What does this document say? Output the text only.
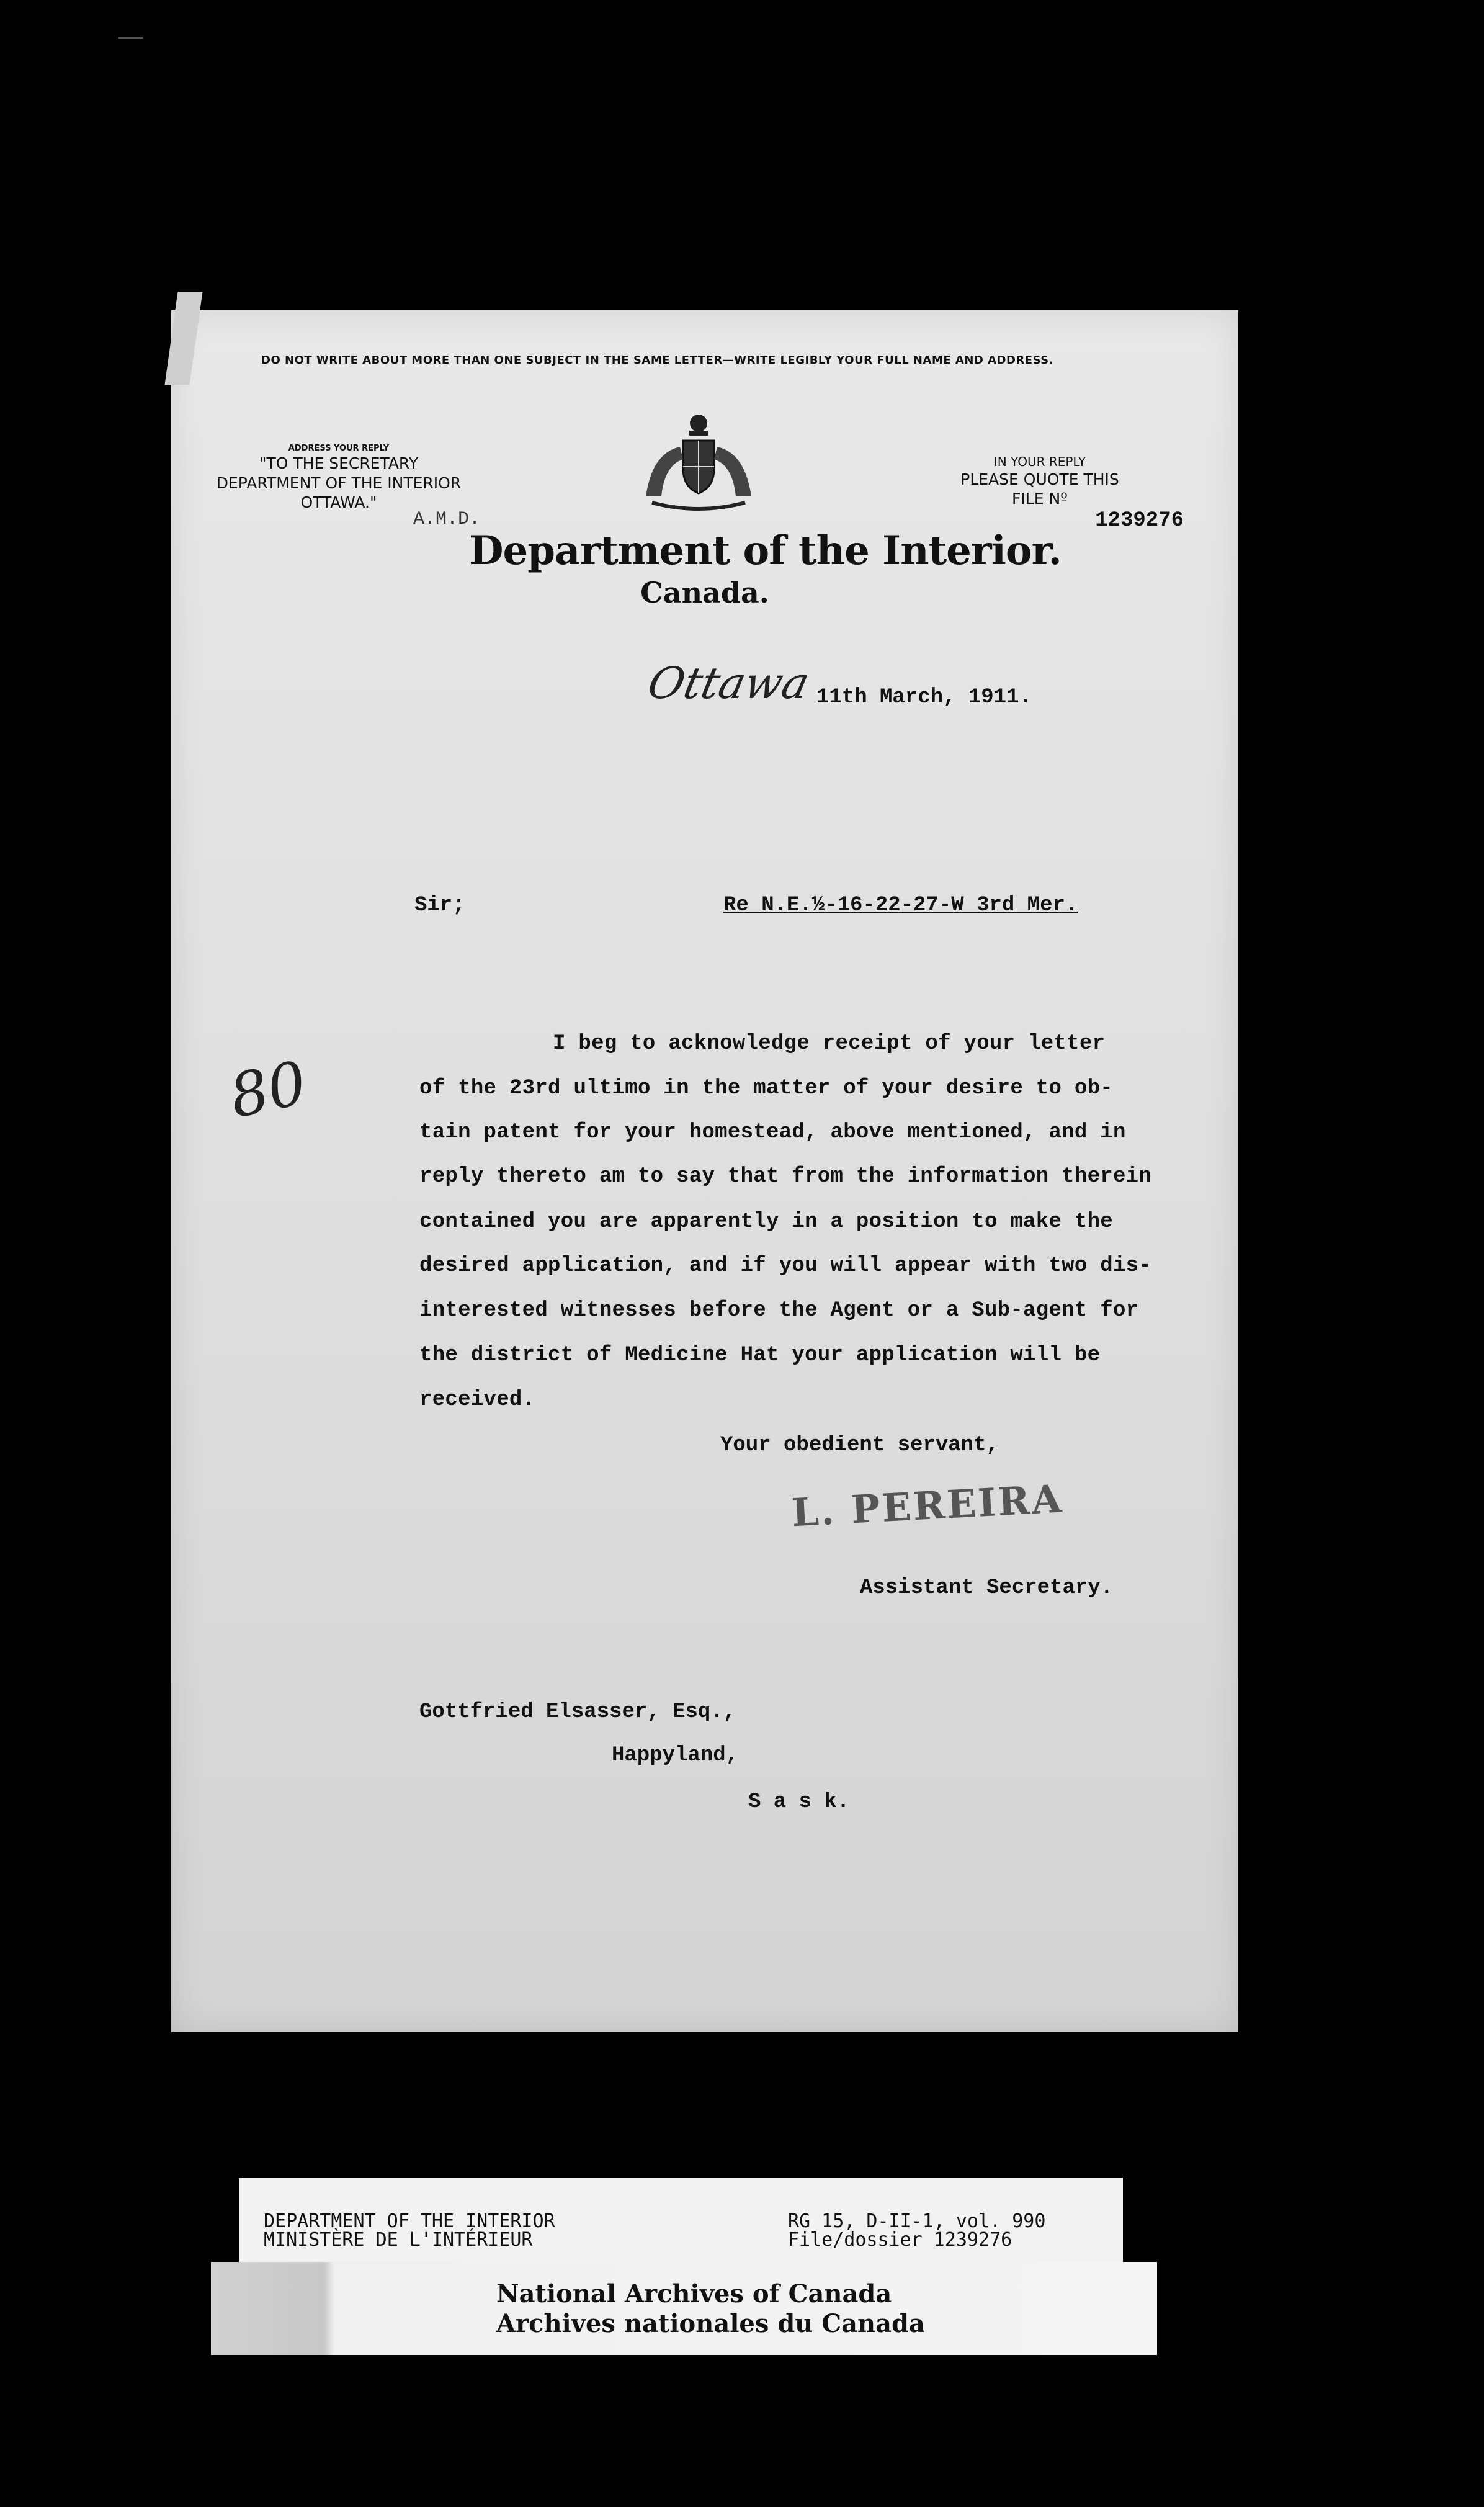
DO NOT WRITE ABOUT MORE THAN ONE SUBJECT IN THE SAME LETTER—WRITE LEGIBLY YOUR FULL NAME AND ADDRESS.
ADDRESS YOUR REPLY
"TO THE SECRETARY
DEPARTMENT OF THE INTERIOR
OTTAWA."
IN YOUR REPLY
PLEASE QUOTE THIS
FILE Nº
1239276
A.M.D.
Department of the Interior.
Canada.
Ottawa 11th March, 1911.
Sir;	Re N.E.½-16-22-27-W 3rd Mer.
80
I beg to acknowledge receipt of your letter
of the 23rd ultimo in the matter of your desire to ob-
tain patent for your homestead, above mentioned, and in
reply thereto am to say that from the information therein
contained you are apparently in a position to make the
desired application, and if you will appear with two dis-
interested witnesses before the Agent or a Sub-agent for
the district of Medicine Hat your application will be
received.
Your obedient servant,
L. PEREIRA
Assistant Secretary.
Gottfried Elsasser, Esq.,
Happyland,
S a s k.
DEPARTMENT OF THE INTERIOR
MINISTÈRE DE L'INTÉRIEUR
RG 15, D-II-1, vol. 990
File/dossier 1239276
National Archives of Canada
Archives nationales du Canada
